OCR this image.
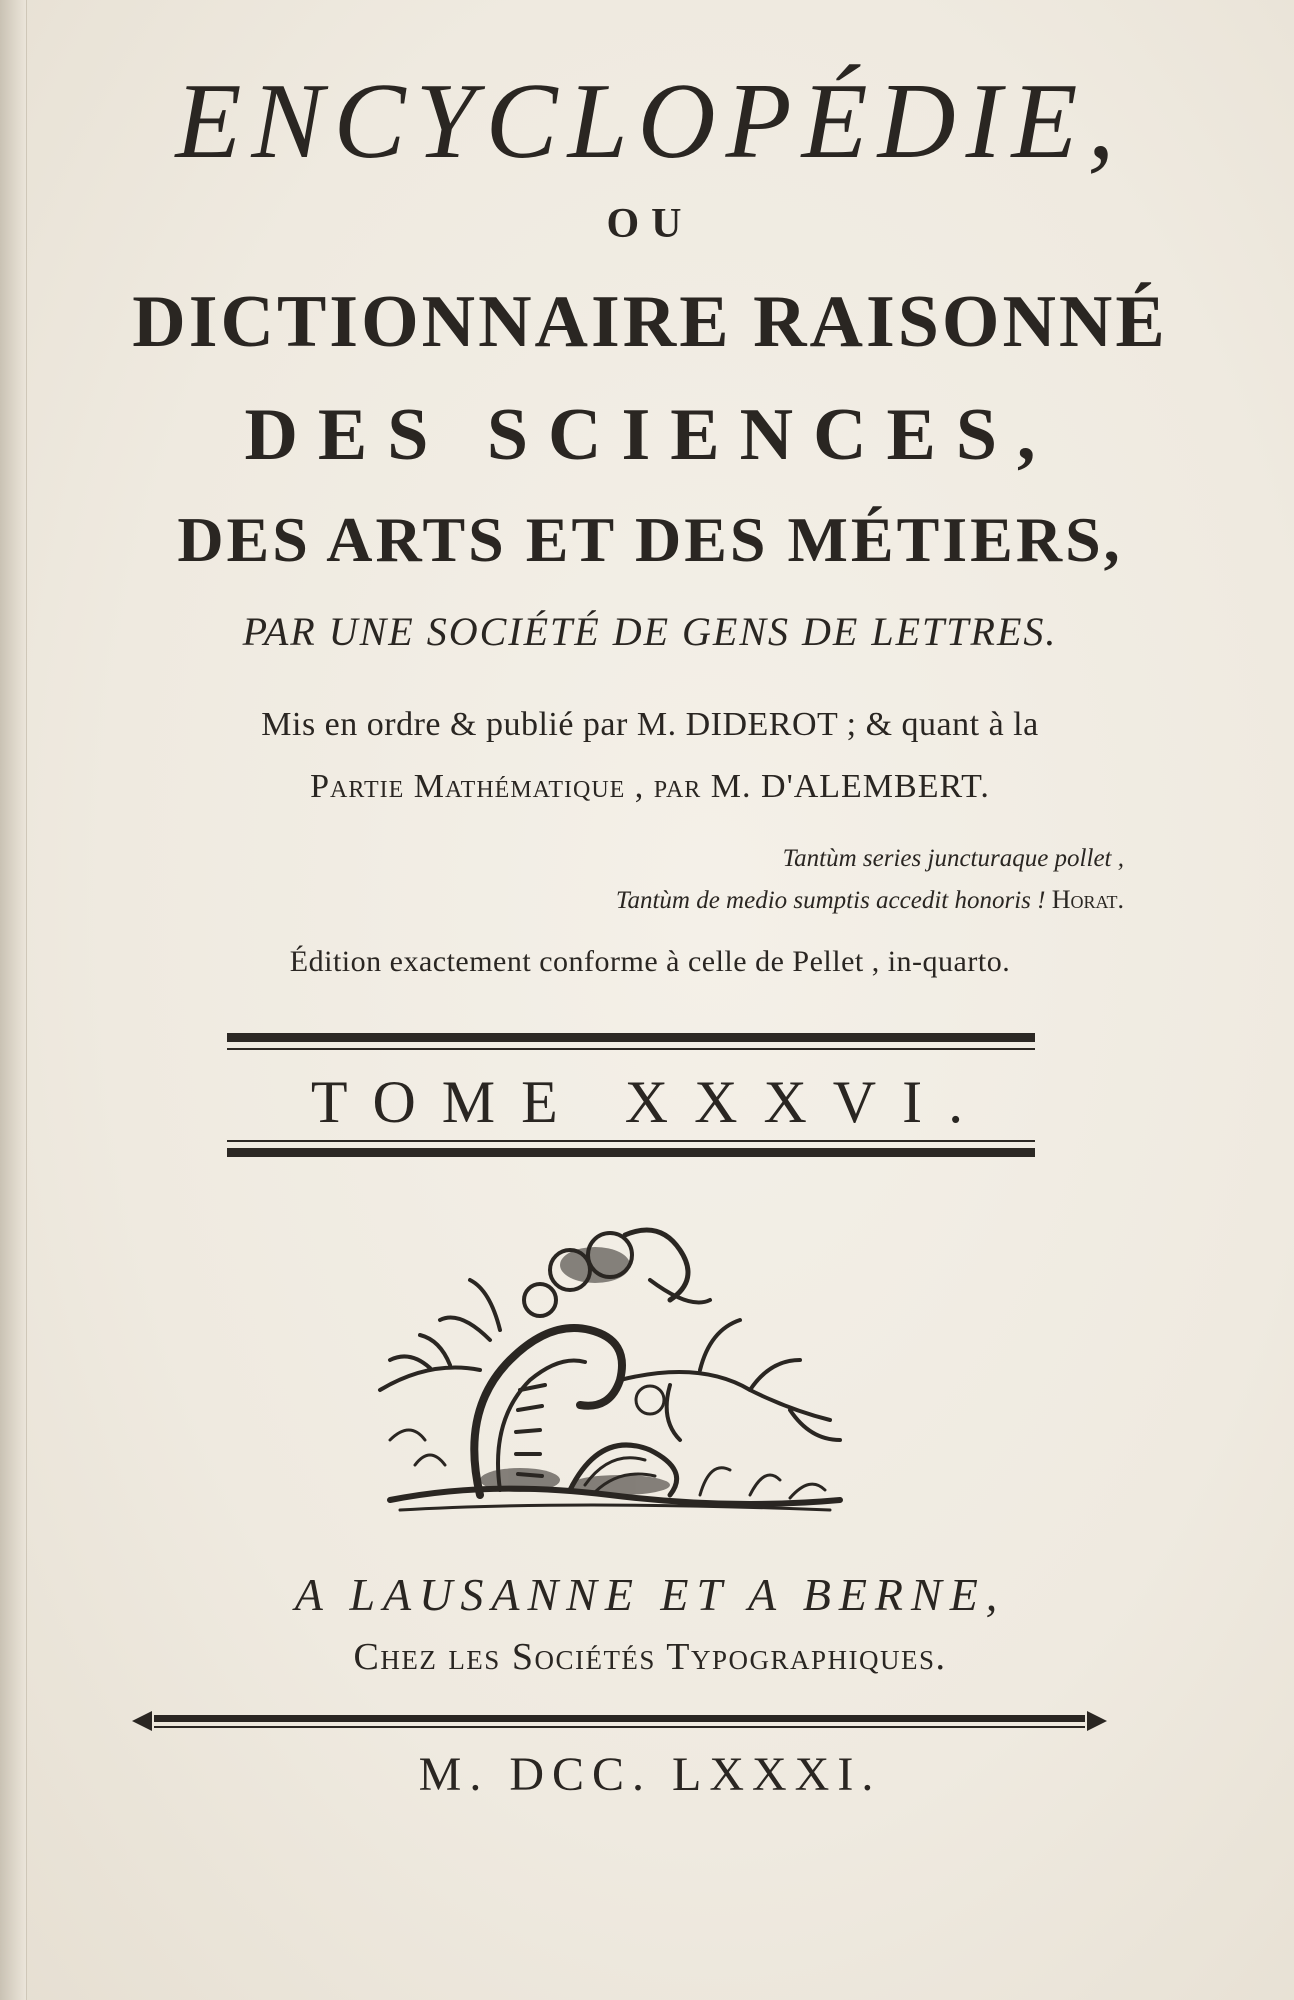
ENCYCLOPÉDIE,
OU
DICTIONNAIRE RAISONNÉ
DES SCIENCES,
DES ARTS ET DES MÉTIERS,
PAR UNE SOCIÉTÉ DE GENS DE LETTRES.
Mis en ordre & publié par M. DIDEROT ; & quant à la
Partie Mathématique , par M. D'ALEMBERT.
Tantùm series juncturaque pollet ,
Tantùm de medio sumptis accedit honoris ! Horat.
Édition exactement conforme à celle de Pellet , in-quarto.
TOME XXXVI.
A LAUSANNE ET A BERNE,
Chez les Sociétés Typographiques.
M. DCC. LXXXI.
